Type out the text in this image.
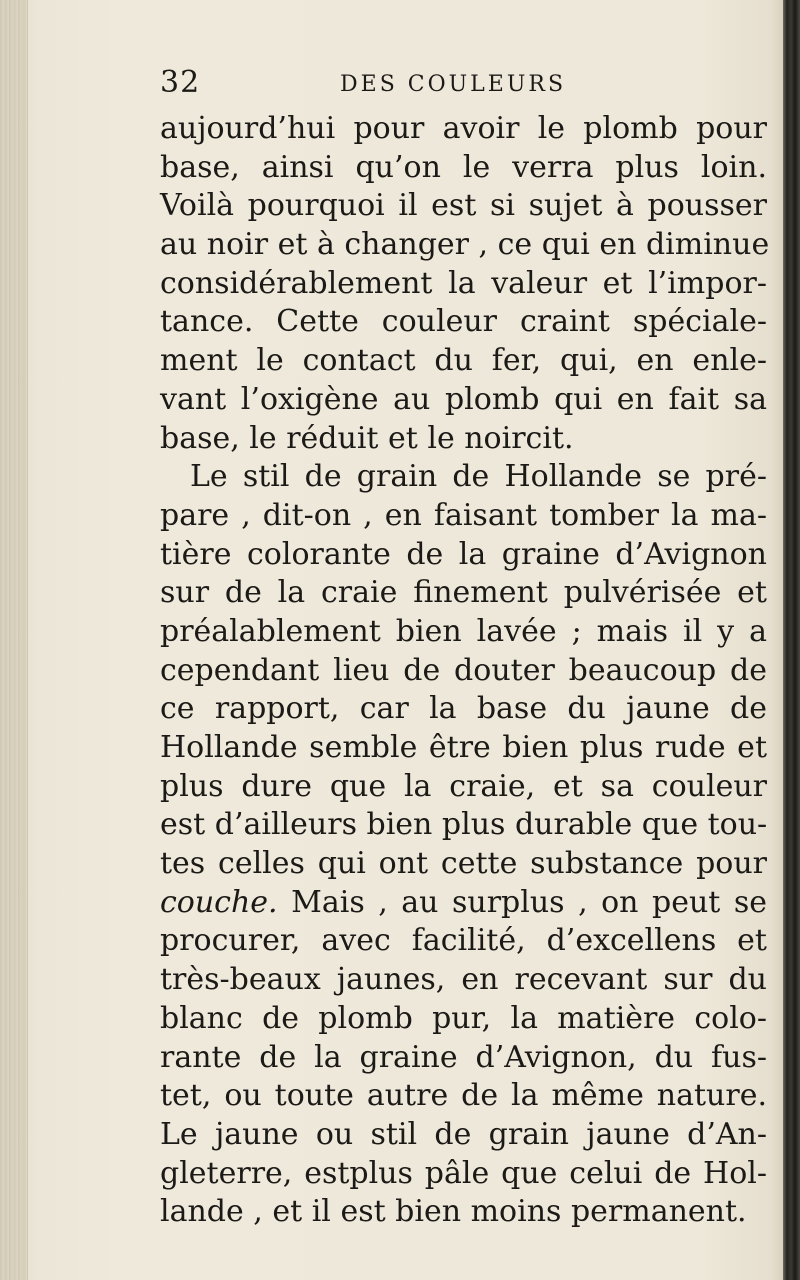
32	DES COULEURS
aujourd’hui pour avoir le plomb pour
base, ainsi qu’on le verra plus loin.
Voilà pourquoi il est si sujet à pousser
au noir et à changer , ce qui en diminue
considérablement la valeur et l’impor-
tance. Cette couleur craint spéciale-
ment le contact du fer, qui, en enle-
vant l’oxigène au plomb qui en fait sa
base, le réduit et le noircit.
Le stil de grain de Hollande se pré-
pare , dit-on , en faisant tomber la ma-
tière colorante de la graine d’Avignon
sur de la craie finement pulvérisée et
préalablement bien lavée ; mais il y a
cependant lieu de douter beaucoup de
ce rapport, car la base du jaune de
Hollande semble être bien plus rude et
plus dure que la craie, et sa couleur
est d’ailleurs bien plus durable que tou-
tes celles qui ont cette substance pour
couche. Mais , au surplus , on peut se
procurer, avec facilité, d’excellens et
très-beaux jaunes, en recevant sur du
blanc de plomb pur, la matière colo-
rante de la graine d’Avignon, du fus-
tet, ou toute autre de la même nature.
Le jaune ou stil de grain jaune d’An-
gleterre, estplus pâle que celui de Hol-
lande , et il est bien moins permanent.
